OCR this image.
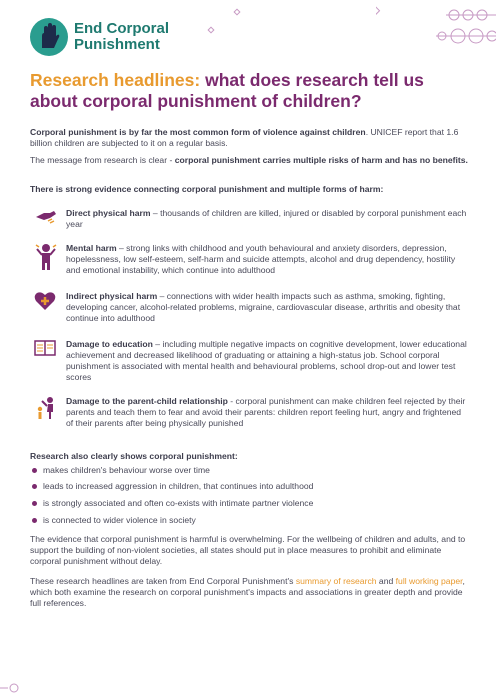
End Corporal
Punishment
Research headlines: what does research tell us about corporal punishment of children?
Corporal punishment is by far the most common form of violence against children. UNICEF report that 1.6 billion children are subjected to it on a regular basis.
The message from research is clear - corporal punishment carries multiple risks of harm and has no benefits.
There is strong evidence connecting corporal punishment and multiple forms of harm:
Direct physical harm – thousands of children are killed, injured or disabled by corporal punishment each year
Mental harm – strong links with childhood and youth behavioural and anxiety disorders, depression, hopelessness, low self-esteem, self-harm and suicide attempts, alcohol and drug dependency, hostility and emotional instability, which continue into adulthood
Indirect physical harm – connections with wider health impacts such as asthma, smoking, fighting, developing cancer, alcohol-related problems, migraine, cardiovascular disease, arthritis and obesity that continue into adulthood
Damage to education – including multiple negative impacts on cognitive development, lower educational achievement and decreased likelihood of graduating or attaining a high-status job. School corporal punishment is associated with mental health and behavioural problems, school drop-out and lower test scores
Damage to the parent-child relationship - corporal punishment can make children feel rejected by their parents and teach them to fear and avoid their parents: children report feeling hurt, angry and frightened of their parents after being physically punished
Research also clearly shows corporal punishment:
makes children's behaviour worse over time
leads to increased aggression in children, that continues into adulthood
is strongly associated and often co-exists with intimate partner violence
is connected to wider violence in society
The evidence that corporal punishment is harmful is overwhelming. For the wellbeing of children and adults, and to support the building of non-violent societies, all states should put in place measures to prohibit and eliminate corporal punishment without delay.
These research headlines are taken from End Corporal Punishment's summary of research and full working paper, which both examine the research on corporal punishment's impacts and associations in greater depth and provide full references.
